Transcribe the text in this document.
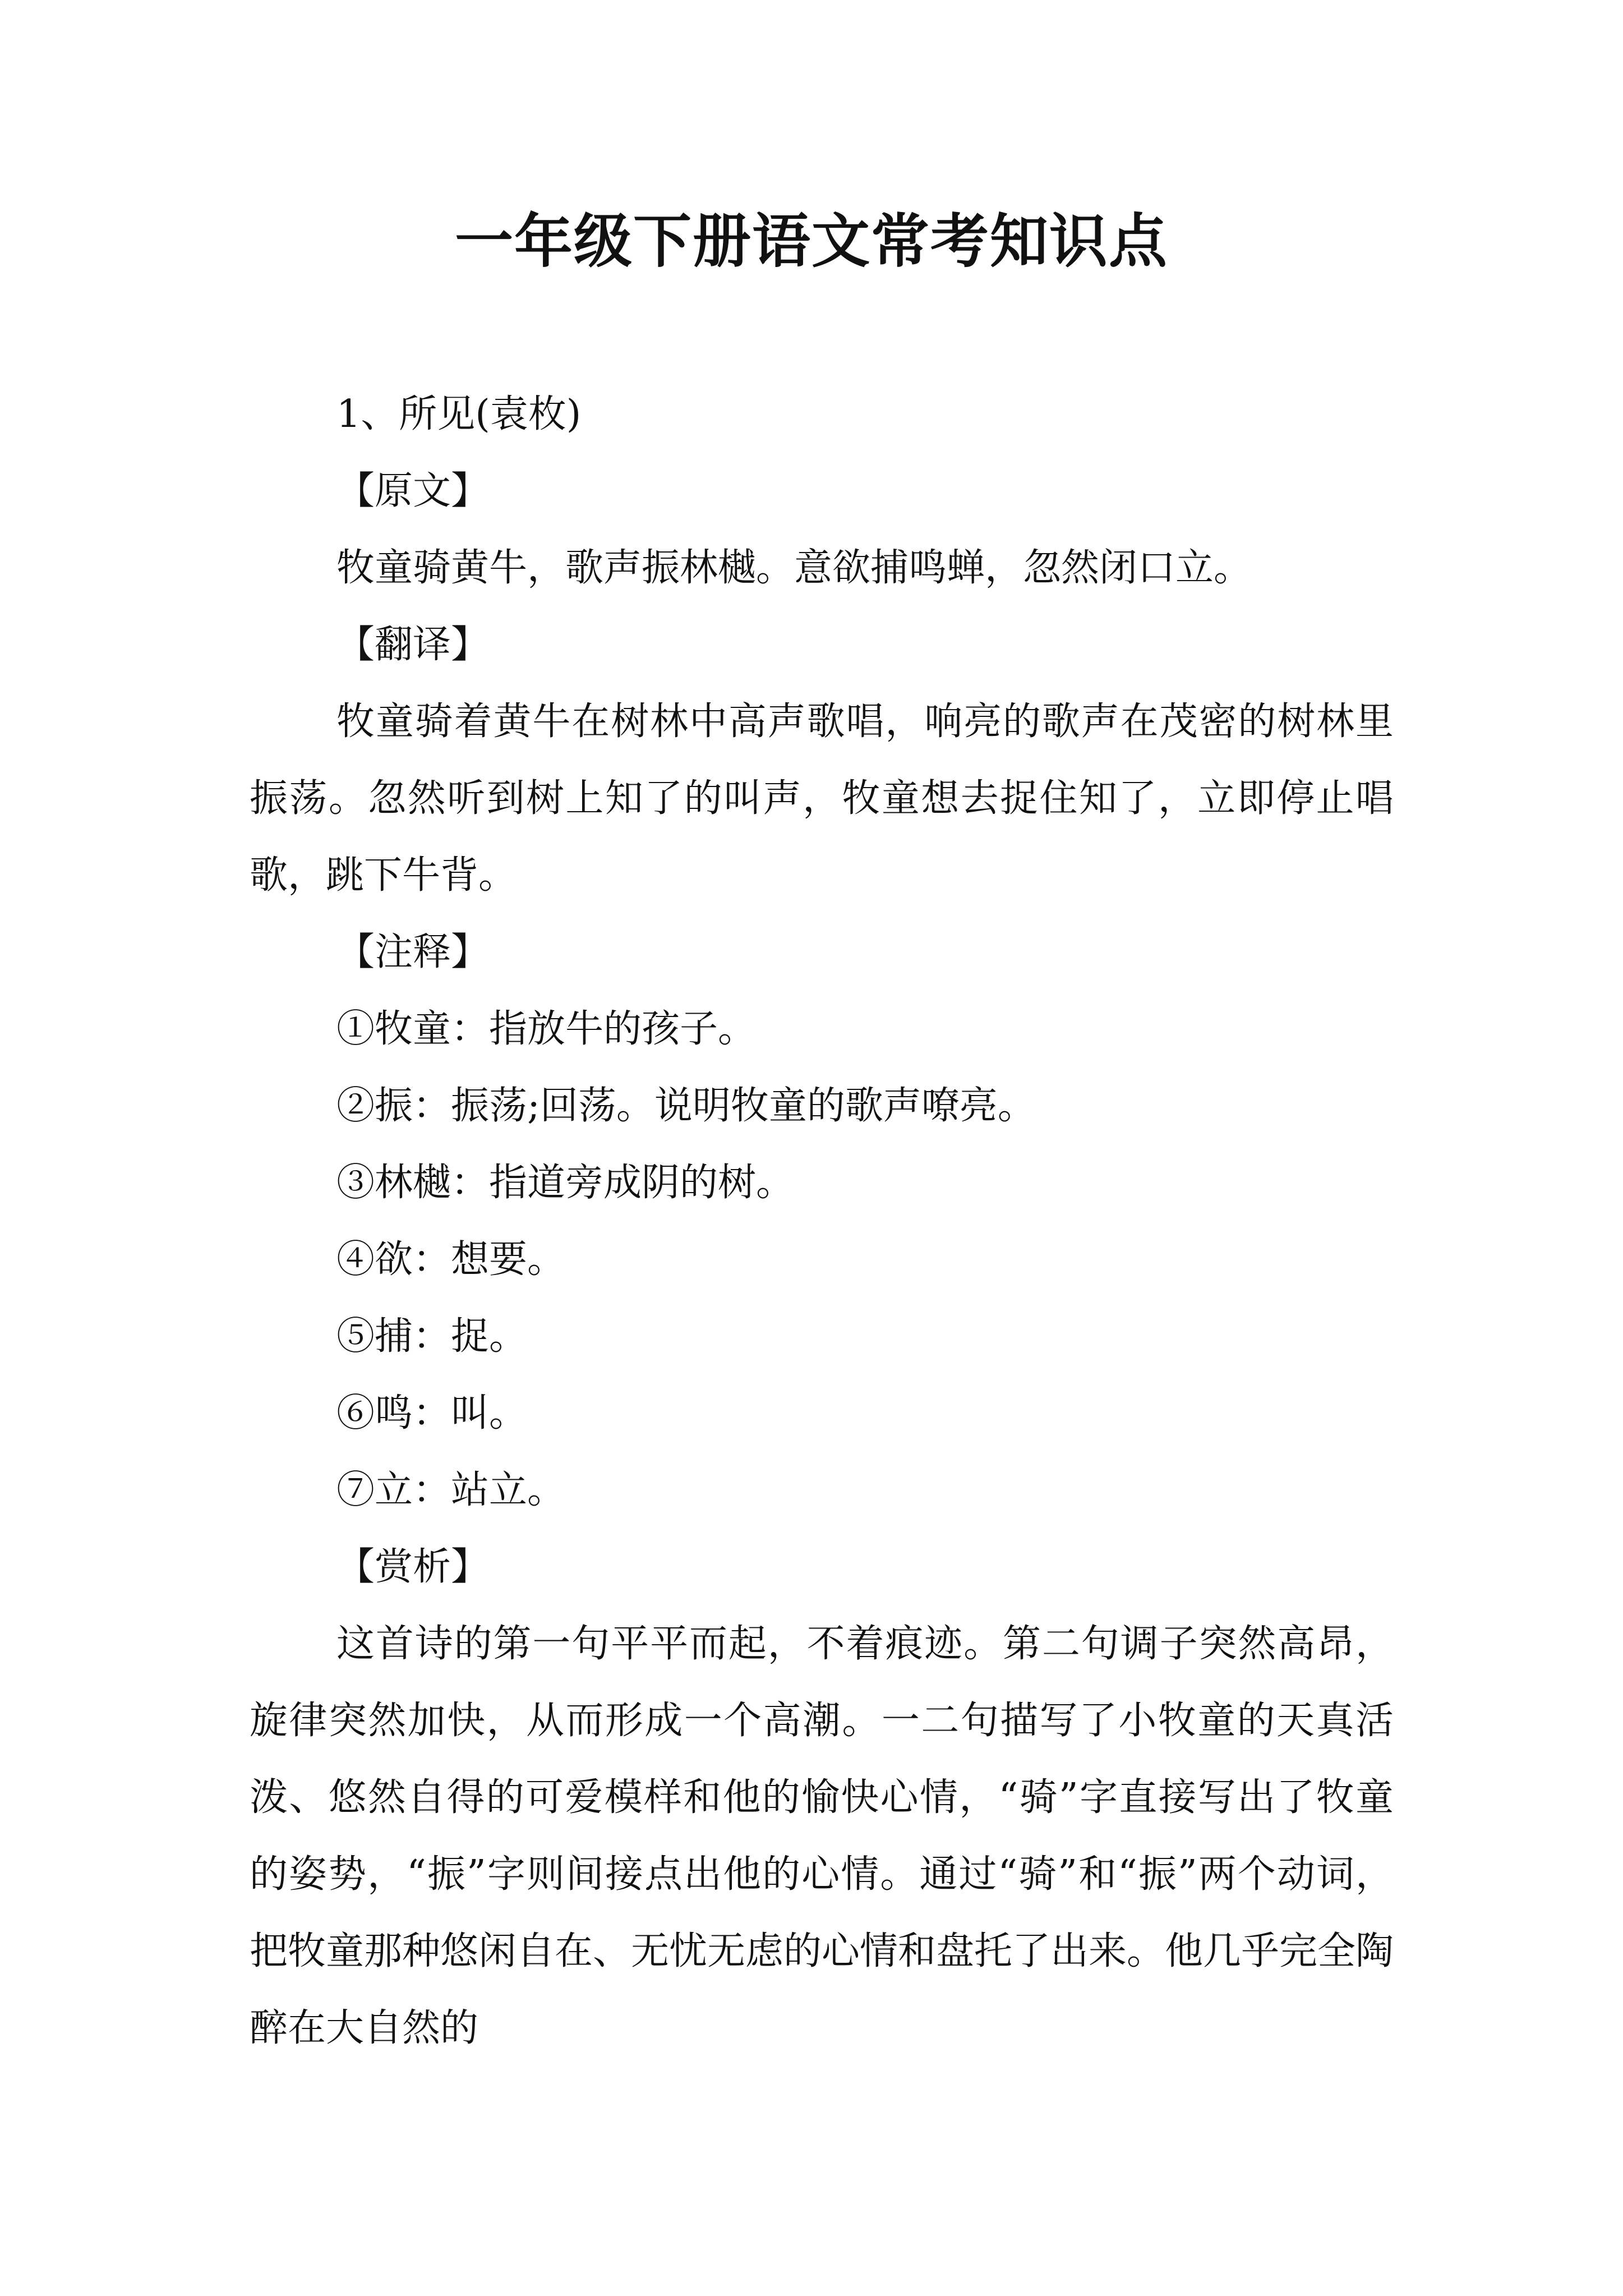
一年级下册语文常考知识点

1、所见(袁枚)

【原文】

牧童骑黄牛，歌声振林樾。意欲捕鸣蝉，忽然闭口立。

【翻译】

牧童骑着黄牛在树林中高声歌唱，响亮的歌声在茂密的树林里振荡。忽然听到树上知了的叫声，牧童想去捉住知了，立即停止唱歌，跳下牛背。

【注释】

①牧童：指放牛的孩子。

②振：振荡;回荡。说明牧童的歌声嘹亮。

③林樾：指道旁成阴的树。

④欲：想要。

⑤捕：捉。

⑥鸣：叫。

⑦立：站立。

【赏析】

这首诗的第一句平平而起，不着痕迹。第二句调子突然高昂，旋律突然加快，从而形成一个高潮。一二句描写了小牧童的天真活泼、悠然自得的可爱模样和他的愉快心情，“骑”字直接写出了牧童的姿势，“振”字则间接点出他的心情。通过“骑”和“振”两个动词，把牧童那种悠闲自在、无忧无虑的心情和盘托了出来。他几乎完全陶醉在大自然的
